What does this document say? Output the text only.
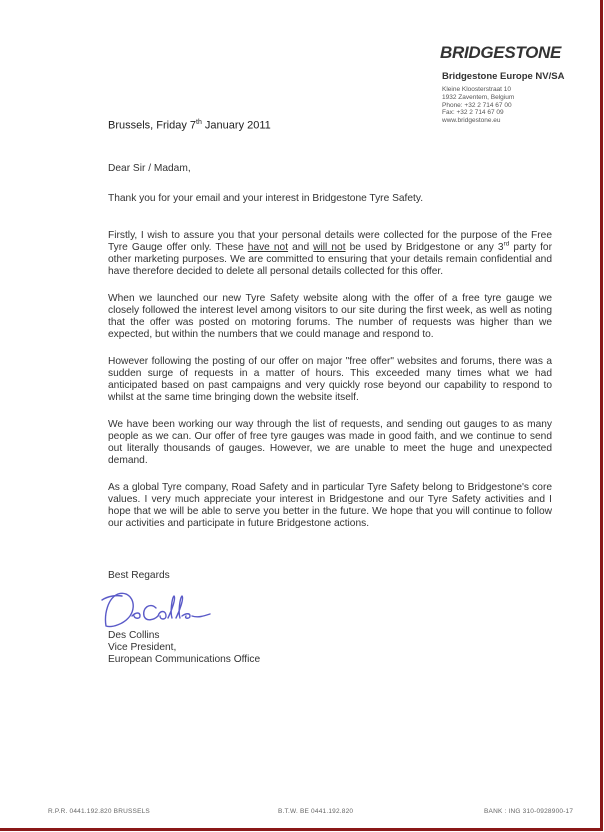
BRIDGESTONE
Bridgestone Europe NV/SA
Kleine Kloosterstraat 10
1932 Zaventem, Belgium
Phone: +32 2 714 67 00
Fax: +32 2 714 67 09
www.bridgestone.eu
Brussels, Friday 7th January 2011

Dear Sir / Madam,

Thank you for your email and your interest in Bridgestone Tyre Safety.

Firstly, I wish to assure you that your personal details were collected for the purpose of the Free Tyre Gauge offer only. These have not and will not be used by Bridgestone or any 3rd party for other marketing purposes. We are committed to ensuring that your details remain confidential and have therefore decided to delete all personal details collected for this offer.

When we launched our new Tyre Safety website along with the offer of a free tyre gauge we closely followed the interest level among visitors to our site during the first week, as well as noting that the offer was posted on motoring forums. The number of requests was higher than we expected, but within the numbers that we could manage and respond to.

However following the posting of our offer on major "free offer" websites and forums, there was a sudden surge of requests in a matter of hours. This exceeded many times what we had anticipated based on past campaigns and very quickly rose beyond our capability to respond to whilst at the same time bringing down the website itself.

We have been working our way through the list of requests, and sending out gauges to as many people as we can. Our offer of free tyre gauges was made in good faith, and we continue to send out literally thousands of gauges. However, we are unable to meet the huge and unexpected demand.

As a global Tyre company, Road Safety and in particular Tyre Safety belong to Bridgestone's core values. I very much appreciate your interest in Bridgestone and our Tyre Safety activities and I hope that we will be able to serve you better in the future. We hope that you will continue to follow our activities and participate in future Bridgestone actions.

Best Regards
Des Collins
Vice President,
European Communications Office
R.P.R. 0441.192.820 BRUSSELS	B.T.W. BE 0441.192.820	BANK : ING 310-0928900-17
